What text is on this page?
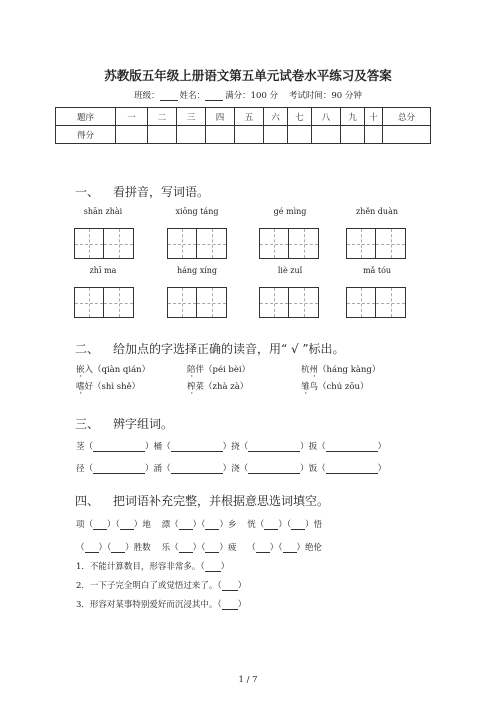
苏教版五年级上册语文第五单元试卷水平练习及答案
班级： 姓名： 满分：100 分 考试时间：90 分钟
题序	一	二	三	四	五	六	七	八	九	十	总分
得分											
一、 看拼音，写词语。
shān zhài	xiōng táng	gé mìng	zhěn duàn
zhī ma	háng xíng	liè zuǐ	mǎ tóu
二、 给加点的字选择正确的读音，用“ √ ”标出。
嵌入（qiàn qián）	陪伴（péi bèi）	杭州（háng kàng）
嗜好（shì shě）	榨菜（zhà zà）	雏鸟（chú zōu）
三、 辨字组词。
茎（	）桶（	）挠（	）扳（	）
径（	）涌（	）浇（	）饭（	）
四、 把词语补充完整，并根据意思选词填空。
项（ ）（ ）地 漂（ ）（ ）乡 恍（ ）（ ）悟
（ ）（ ）胜数 乐（ ）（ ）疲    （ ）（ ）绝伦
1．不能计算数目，形容非常多。（ ）
2．一下子完全明白了或觉悟过来了。（ ）
3．形容对某事特别爱好而沉浸其中。（ ）
1 / 7
